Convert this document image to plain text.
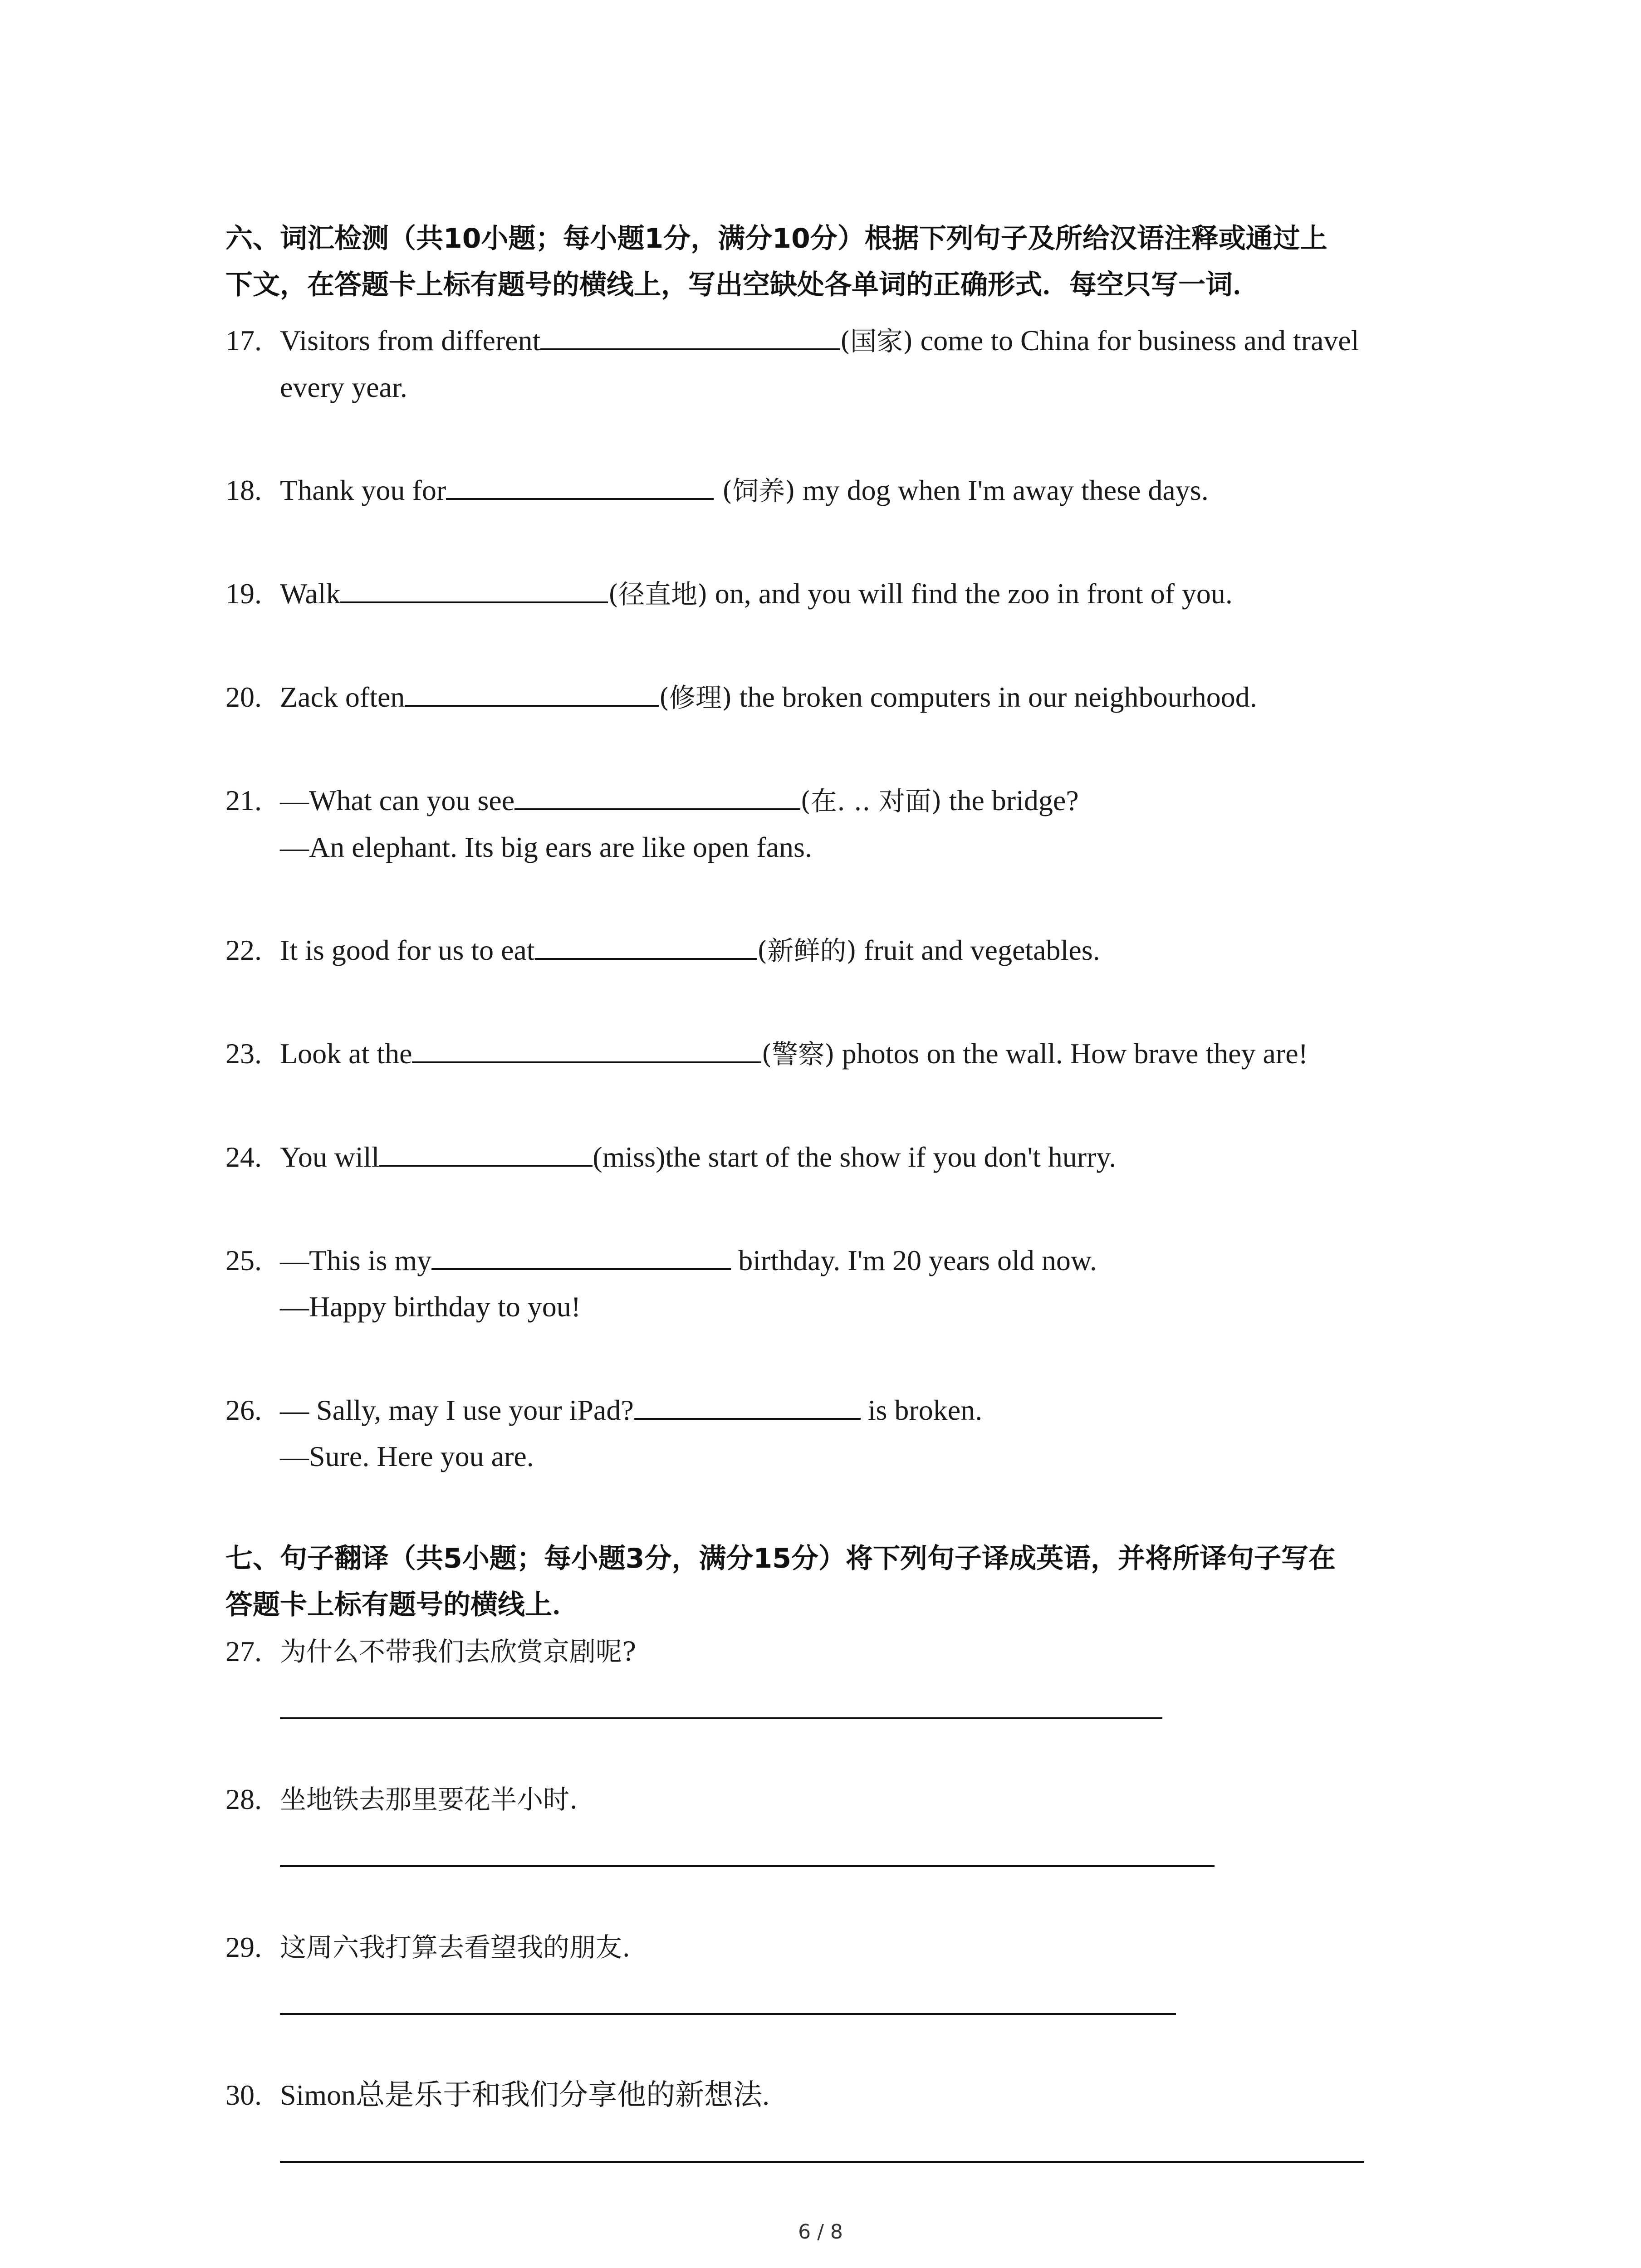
六、词汇检测（共10小题；每小题1分，满分10分）根据下列句子及所给汉语注释或通过上
下文，在答题卡上标有题号的横线上，写出空缺处各单词的正确形式．每空只写一词．
17. Visitors from different	(国家) come to China for business and travel
every year.
18. Thank you for	(饲养) my dog when I'm away these days.
19. Walk	(径直地) on, and you will find the zoo in front of you.
20. Zack often	(修理) the broken computers in our neighbourhood.
21. —What can you see	(在. .. 对面) the bridge?
—An elephant. Its big ears are like open fans.
22. It is good for us to eat	(新鲜的) fruit and vegetables.
23. Look at the	(警察) photos on the wall. How brave they are!
24. You will	(miss)the start of the show if you don't hurry.
25. —This is my	birthday. I'm 20 years old now.
—Happy birthday to you!
26. — Sally, may I use your iPad?	is broken.
—Sure. Here you are.
七、句子翻译（共5小题；每小题3分，满分15分）将下列句子译成英语，并将所译句子写在
答题卡上标有题号的横线上．
27. 为什么不带我们去欣赏京剧呢?
28. 坐地铁去那里要花半小时.
29. 这周六我打算去看望我的朋友.
30. Simon总是乐于和我们分享他的新想法.
6 / 8
